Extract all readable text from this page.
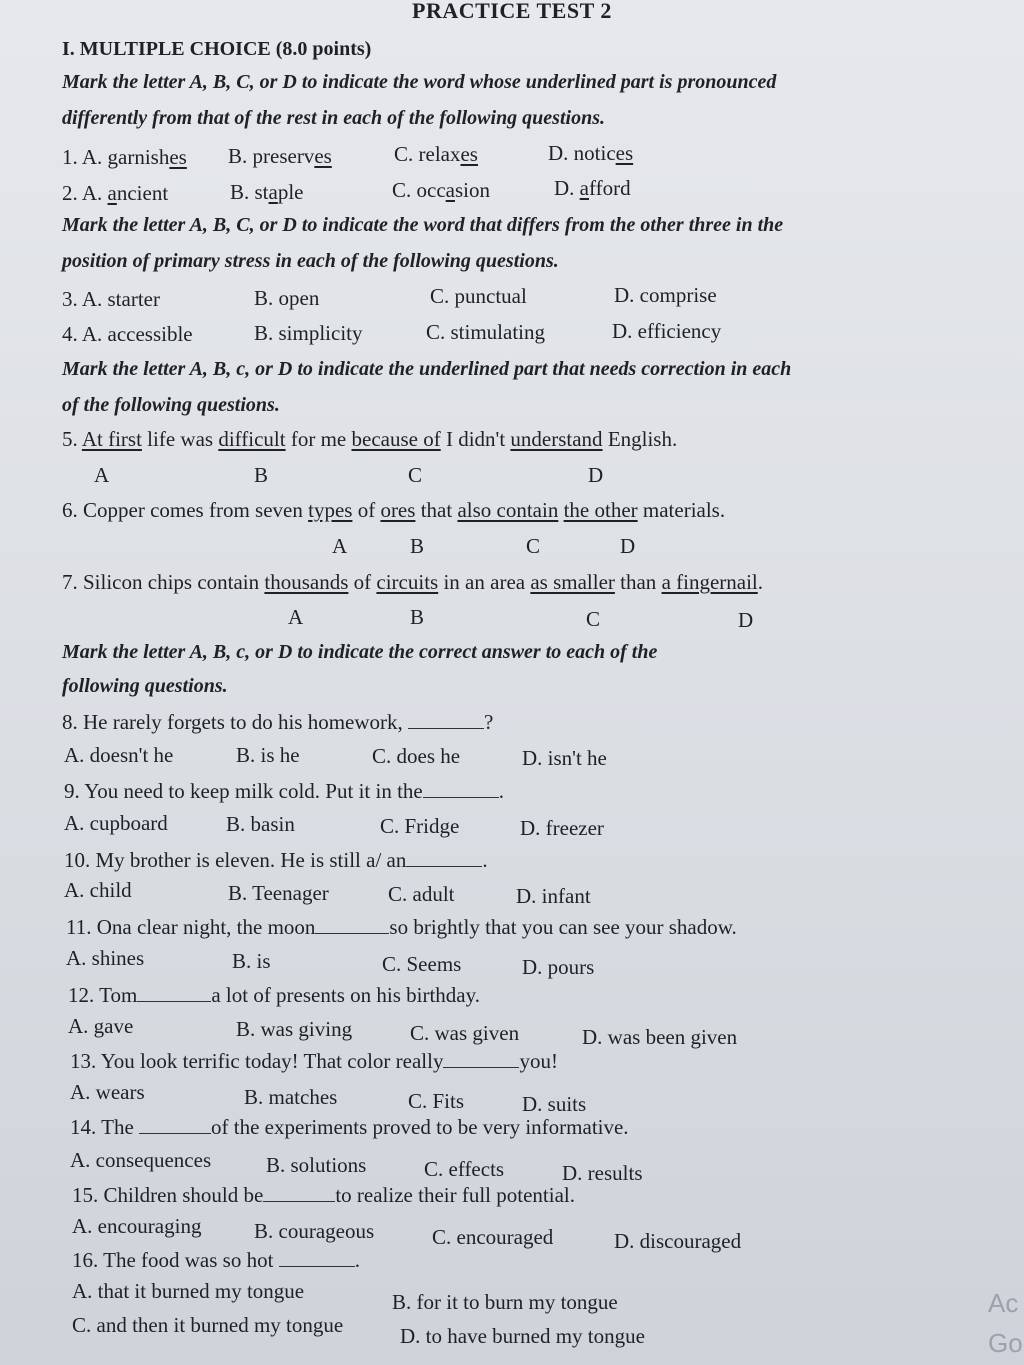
PRACTICE TEST 2
I. MULTIPLE CHOICE (8.0 points)
Mark the letter A, B, C, or D to indicate the word whose underlined part is pronounced
differently from that of the rest in each of the following questions.
1. A. garnishes B. preserves	C. relaxes	D. notices
2. A. ancient	B. staple	C. occasion	D. afford
Mark the letter A, B, C, or D to indicate the word that differs from the other three in the
position of primary stress in each of the following questions.
3. A. starter	B. open	C. punctual	D. comprise
4. A. accessible	B. simplicity	C. stimulating	D. efficiency
Mark the letter A, B, c, or D to indicate the underlined part that needs correction in each
of the following questions.
5. At first life was difficult for me because of I didn't understand English.
A	B	C	D
6. Copper comes from seven types of ores that also contain the other materials.
A	B	C	D
7. Silicon chips contain thousands of circuits in an area as smaller than a fingernail.
A	B	C	D
Mark the letter A, B, c, or D to indicate the correct answer to each of the
following questions.
8. He rarely forgets to do his homework,	?
A. doesn't he	B. is he	C. does he	D. isn't he
9. You need to keep milk cold. Put it in the	.
A. cupboard	B. basin	C. Fridge	D. freezer
10. My brother is eleven. He is still a/ an	.
A. child	B. Teenager	C. adult	D. infant
11. Ona clear night, the moon	so brightly that you can see your shadow.
A. shines	B. is	C. Seems	D. pours
12. Tom	a lot of presents on his birthday.
A. gave	B. was giving	C. was given	D. was been given
13. You look terrific today! That color really	you!
A. wears	B. matches	C. Fits	D. suits
14. The	of the experiments proved to be very informative.
A. consequences	B. solutions	C. effects	D. results
15. Children should be	to realize their full potential.
A. encouraging	B. courageous	C. encouraged	D. discouraged
16. The food was so hot	.
A. that it burned my tongue	B. for it to burn my tongue
C. and then it burned my tongue	D. to have burned my tongue
Ac
Go
